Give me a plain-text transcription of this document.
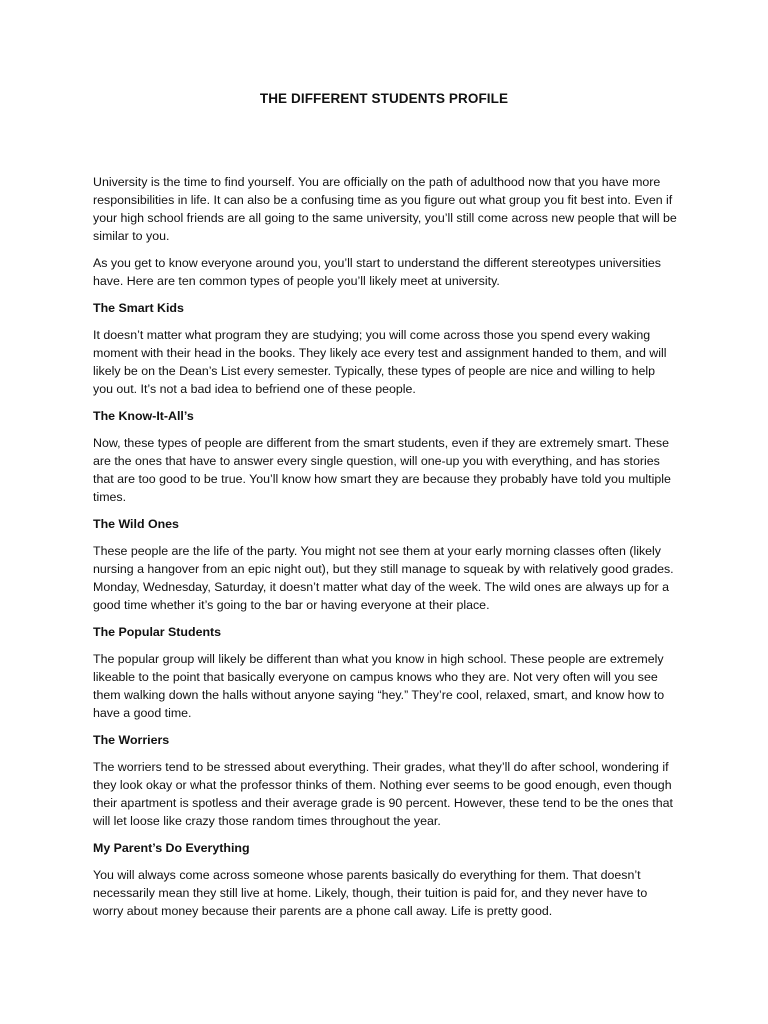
THE DIFFERENT STUDENTS PROFILE

University is the time to find yourself. You are officially on the path of adulthood now that you have more responsibilities in life. It can also be a confusing time as you figure out what group you fit best into. Even if your high school friends are all going to the same university, you’ll still come across new people that will be similar to you.

As you get to know everyone around you, you’ll start to understand the different stereotypes universities have. Here are ten common types of people you’ll likely meet at university.

The Smart Kids

It doesn’t matter what program they are studying; you will come across those you spend every waking moment with their head in the books. They likely ace every test and assignment handed to them, and will likely be on the Dean’s List every semester. Typically, these types of people are nice and willing to help you out. It’s not a bad idea to befriend one of these people.

The Know-It-All’s

Now, these types of people are different from the smart students, even if they are extremely smart. These are the ones that have to answer every single question, will one-up you with everything, and has stories that are too good to be true. You’ll know how smart they are because they probably have told you multiple times.

The Wild Ones

These people are the life of the party. You might not see them at your early morning classes often (likely nursing a hangover from an epic night out), but they still manage to squeak by with relatively good grades. Monday, Wednesday, Saturday, it doesn’t matter what day of the week. The wild ones are always up for a good time whether it’s going to the bar or having everyone at their place.

The Popular Students

The popular group will likely be different than what you know in high school. These people are extremely likeable to the point that basically everyone on campus knows who they are. Not very often will you see them walking down the halls without anyone saying “hey.” They’re cool, relaxed, smart, and know how to have a good time.

The Worriers

The worriers tend to be stressed about everything. Their grades, what they’ll do after school, wondering if they look okay or what the professor thinks of them. Nothing ever seems to be good enough, even though their apartment is spotless and their average grade is 90 percent. However, these tend to be the ones that will let loose like crazy those random times throughout the year.

My Parent’s Do Everything

You will always come across someone whose parents basically do everything for them. That doesn’t necessarily mean they still live at home. Likely, though, their tuition is paid for, and they never have to worry about money because their parents are a phone call away. Life is pretty good.
